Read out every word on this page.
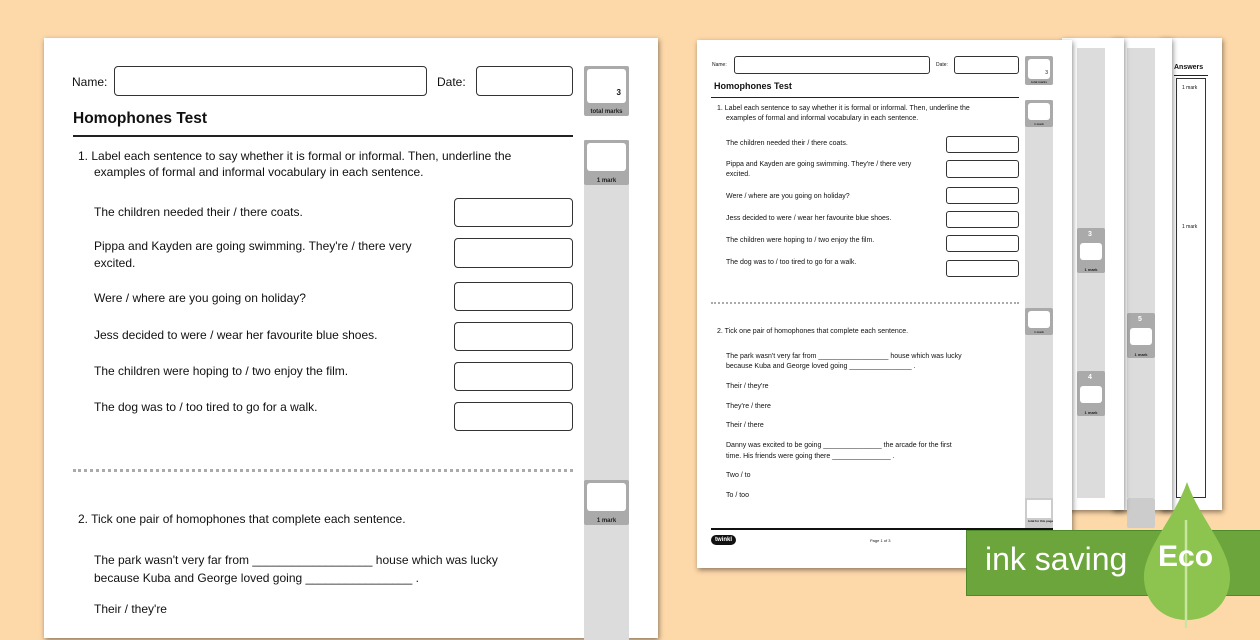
Name:	Date:
3
total marks
Homophones Test
1 mark
1 mark
1. Label each sentence to say whether it is formal or informal. Then, underline the
examples of formal and informal vocabulary in each sentence.
The children needed their / there coats.
Pippa and Kayden are going swimming. They're / there very
excited.
Were / where are you going on holiday?
Jess decided to were / wear her favourite blue shoes.
The children were hoping to / two enjoy the film.
The dog was to / too tired to go for a walk.
2. Tick one pair of homophones that complete each sentence.
The park wasn't very far from __________________ house which was lucky
because Kuba and George loved going ________________ .
Their / they're
Answers
1 mark
1 mark
5
1 mark
3
1 mark
4
1 mark
Name:	Date:
3
total marks
Homophones Test
1 mark
1 mark
total for this page
1. Label each sentence to say whether it is formal or informal. Then, underline the
examples of formal and informal vocabulary in each sentence.
The children needed their / there coats.
Pippa and Kayden are going swimming. They're / there very
excited.
Were / where are you going on holiday?
Jess decided to were / wear her favourite blue shoes.
The children were hoping to / two enjoy the film.
The dog was to / too tired to go for a walk.
2. Tick one pair of homophones that complete each sentence.
The park wasn't very far from __________________ house which was lucky
because Kuba and George loved going ________________ .
Their / they're
They're / there
Their / there
Danny was excited to be going _______________ the arcade for the first
time. His friends were going there _______________ .
Two / to
To / too
twinkl	Page 1 of 3
ink saving Eco
